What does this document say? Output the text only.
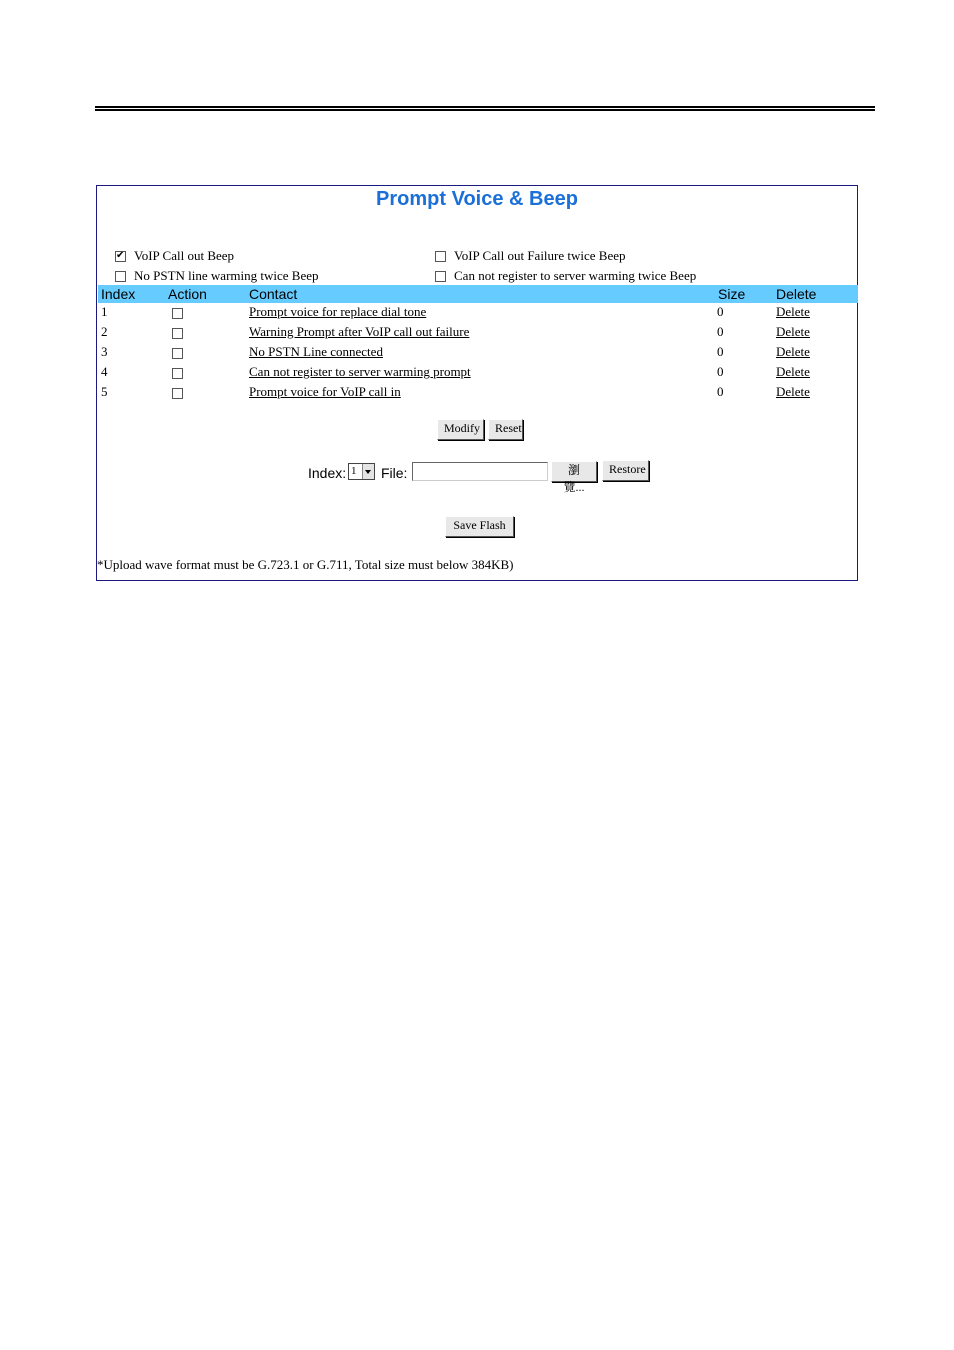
Prompt Voice & Beep
✔
VoIP Call out Beep	VoIP Call out Failure twice Beep
No PSTN line warming twice Beep	Can not register to server warming twice Beep
Index Action	Contact	Size Delete
1	Prompt voice for replace dial tone	0	Delete
2	Warning Prompt after VoIP call out failure	0	Delete
3	No PSTN Line connected	0	Delete
4	Can not register to server warming prompt	0	Delete
5	Prompt voice for VoIP call in	0	Delete
Modify	Reset
Index: 1 File:	瀏覽...
Restore
Save Flash
*Upload wave format must be G.723.1 or G.711, Total size must below 384KB)
